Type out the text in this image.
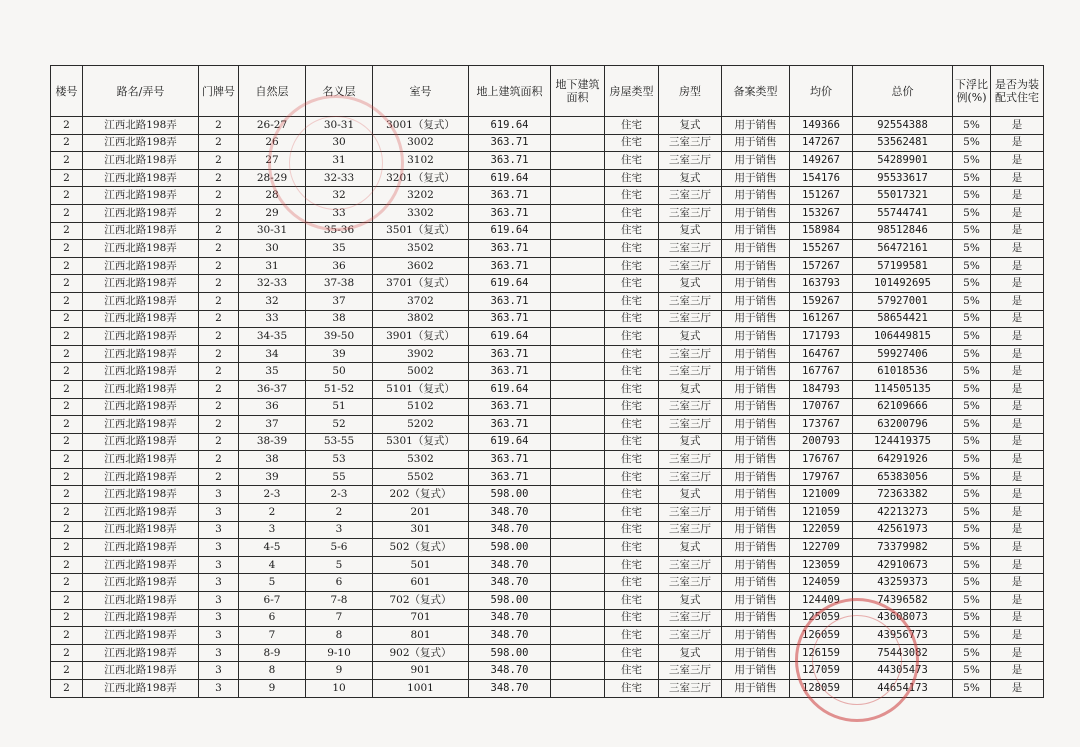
楼号	路名/弄号	门牌号	自然层	名义层	室号	地上建筑面积	地下建筑面积	房屋类型	房型	备案类型	均价	总价	下浮比例(%)	是否为装配式住宅
2	江西北路198弄	2	26-27	30-31	3001（复式）	619.64		住宅	复式	用于销售	149366	92554388	5%	是
2	江西北路198弄	2	26	30	3002	363.71		住宅	三室三厅	用于销售	147267	53562481	5%	是
2	江西北路198弄	2	27	31	3102	363.71		住宅	三室三厅	用于销售	149267	54289901	5%	是
2	江西北路198弄	2	28-29	32-33	3201（复式）	619.64		住宅	复式	用于销售	154176	95533617	5%	是
2	江西北路198弄	2	28	32	3202	363.71		住宅	三室三厅	用于销售	151267	55017321	5%	是
2	江西北路198弄	2	29	33	3302	363.71		住宅	三室三厅	用于销售	153267	55744741	5%	是
2	江西北路198弄	2	30-31	35-36	3501（复式）	619.64		住宅	复式	用于销售	158984	98512846	5%	是
2	江西北路198弄	2	30	35	3502	363.71		住宅	三室三厅	用于销售	155267	56472161	5%	是
2	江西北路198弄	2	31	36	3602	363.71		住宅	三室三厅	用于销售	157267	57199581	5%	是
2	江西北路198弄	2	32-33	37-38	3701（复式）	619.64		住宅	复式	用于销售	163793	101492695	5%	是
2	江西北路198弄	2	32	37	3702	363.71		住宅	三室三厅	用于销售	159267	57927001	5%	是
2	江西北路198弄	2	33	38	3802	363.71		住宅	三室三厅	用于销售	161267	58654421	5%	是
2	江西北路198弄	2	34-35	39-50	3901（复式）	619.64		住宅	复式	用于销售	171793	106449815	5%	是
2	江西北路198弄	2	34	39	3902	363.71		住宅	三室三厅	用于销售	164767	59927406	5%	是
2	江西北路198弄	2	35	50	5002	363.71		住宅	三室三厅	用于销售	167767	61018536	5%	是
2	江西北路198弄	2	36-37	51-52	5101（复式）	619.64		住宅	复式	用于销售	184793	114505135	5%	是
2	江西北路198弄	2	36	51	5102	363.71		住宅	三室三厅	用于销售	170767	62109666	5%	是
2	江西北路198弄	2	37	52	5202	363.71		住宅	三室三厅	用于销售	173767	63200796	5%	是
2	江西北路198弄	2	38-39	53-55	5301（复式）	619.64		住宅	复式	用于销售	200793	124419375	5%	是
2	江西北路198弄	2	38	53	5302	363.71		住宅	三室三厅	用于销售	176767	64291926	5%	是
2	江西北路198弄	2	39	55	5502	363.71		住宅	三室三厅	用于销售	179767	65383056	5%	是
2	江西北路198弄	3	2-3	2-3	202（复式）	598.00		住宅	复式	用于销售	121009	72363382	5%	是
2	江西北路198弄	3	2	2	201	348.70		住宅	三室三厅	用于销售	121059	42213273	5%	是
2	江西北路198弄	3	3	3	301	348.70		住宅	三室三厅	用于销售	122059	42561973	5%	是
2	江西北路198弄	3	4-5	5-6	502（复式）	598.00		住宅	复式	用于销售	122709	73379982	5%	是
2	江西北路198弄	3	4	5	501	348.70		住宅	三室三厅	用于销售	123059	42910673	5%	是
2	江西北路198弄	3	5	6	601	348.70		住宅	三室三厅	用于销售	124059	43259373	5%	是
2	江西北路198弄	3	6-7	7-8	702（复式）	598.00		住宅	复式	用于销售	124409	74396582	5%	是
2	江西北路198弄	3	6	7	701	348.70		住宅	三室三厅	用于销售	125059	43608073	5%	是
2	江西北路198弄	3	7	8	801	348.70		住宅	三室三厅	用于销售	126059	43956773	5%	是
2	江西北路198弄	3	8-9	9-10	902（复式）	598.00		住宅	复式	用于销售	126159	75443082	5%	是
2	江西北路198弄	3	8	9	901	348.70		住宅	三室三厅	用于销售	127059	44305473	5%	是
2	江西北路198弄	3	9	10	1001	348.70		住宅	三室三厅	用于销售	128059	44654173	5%	是
